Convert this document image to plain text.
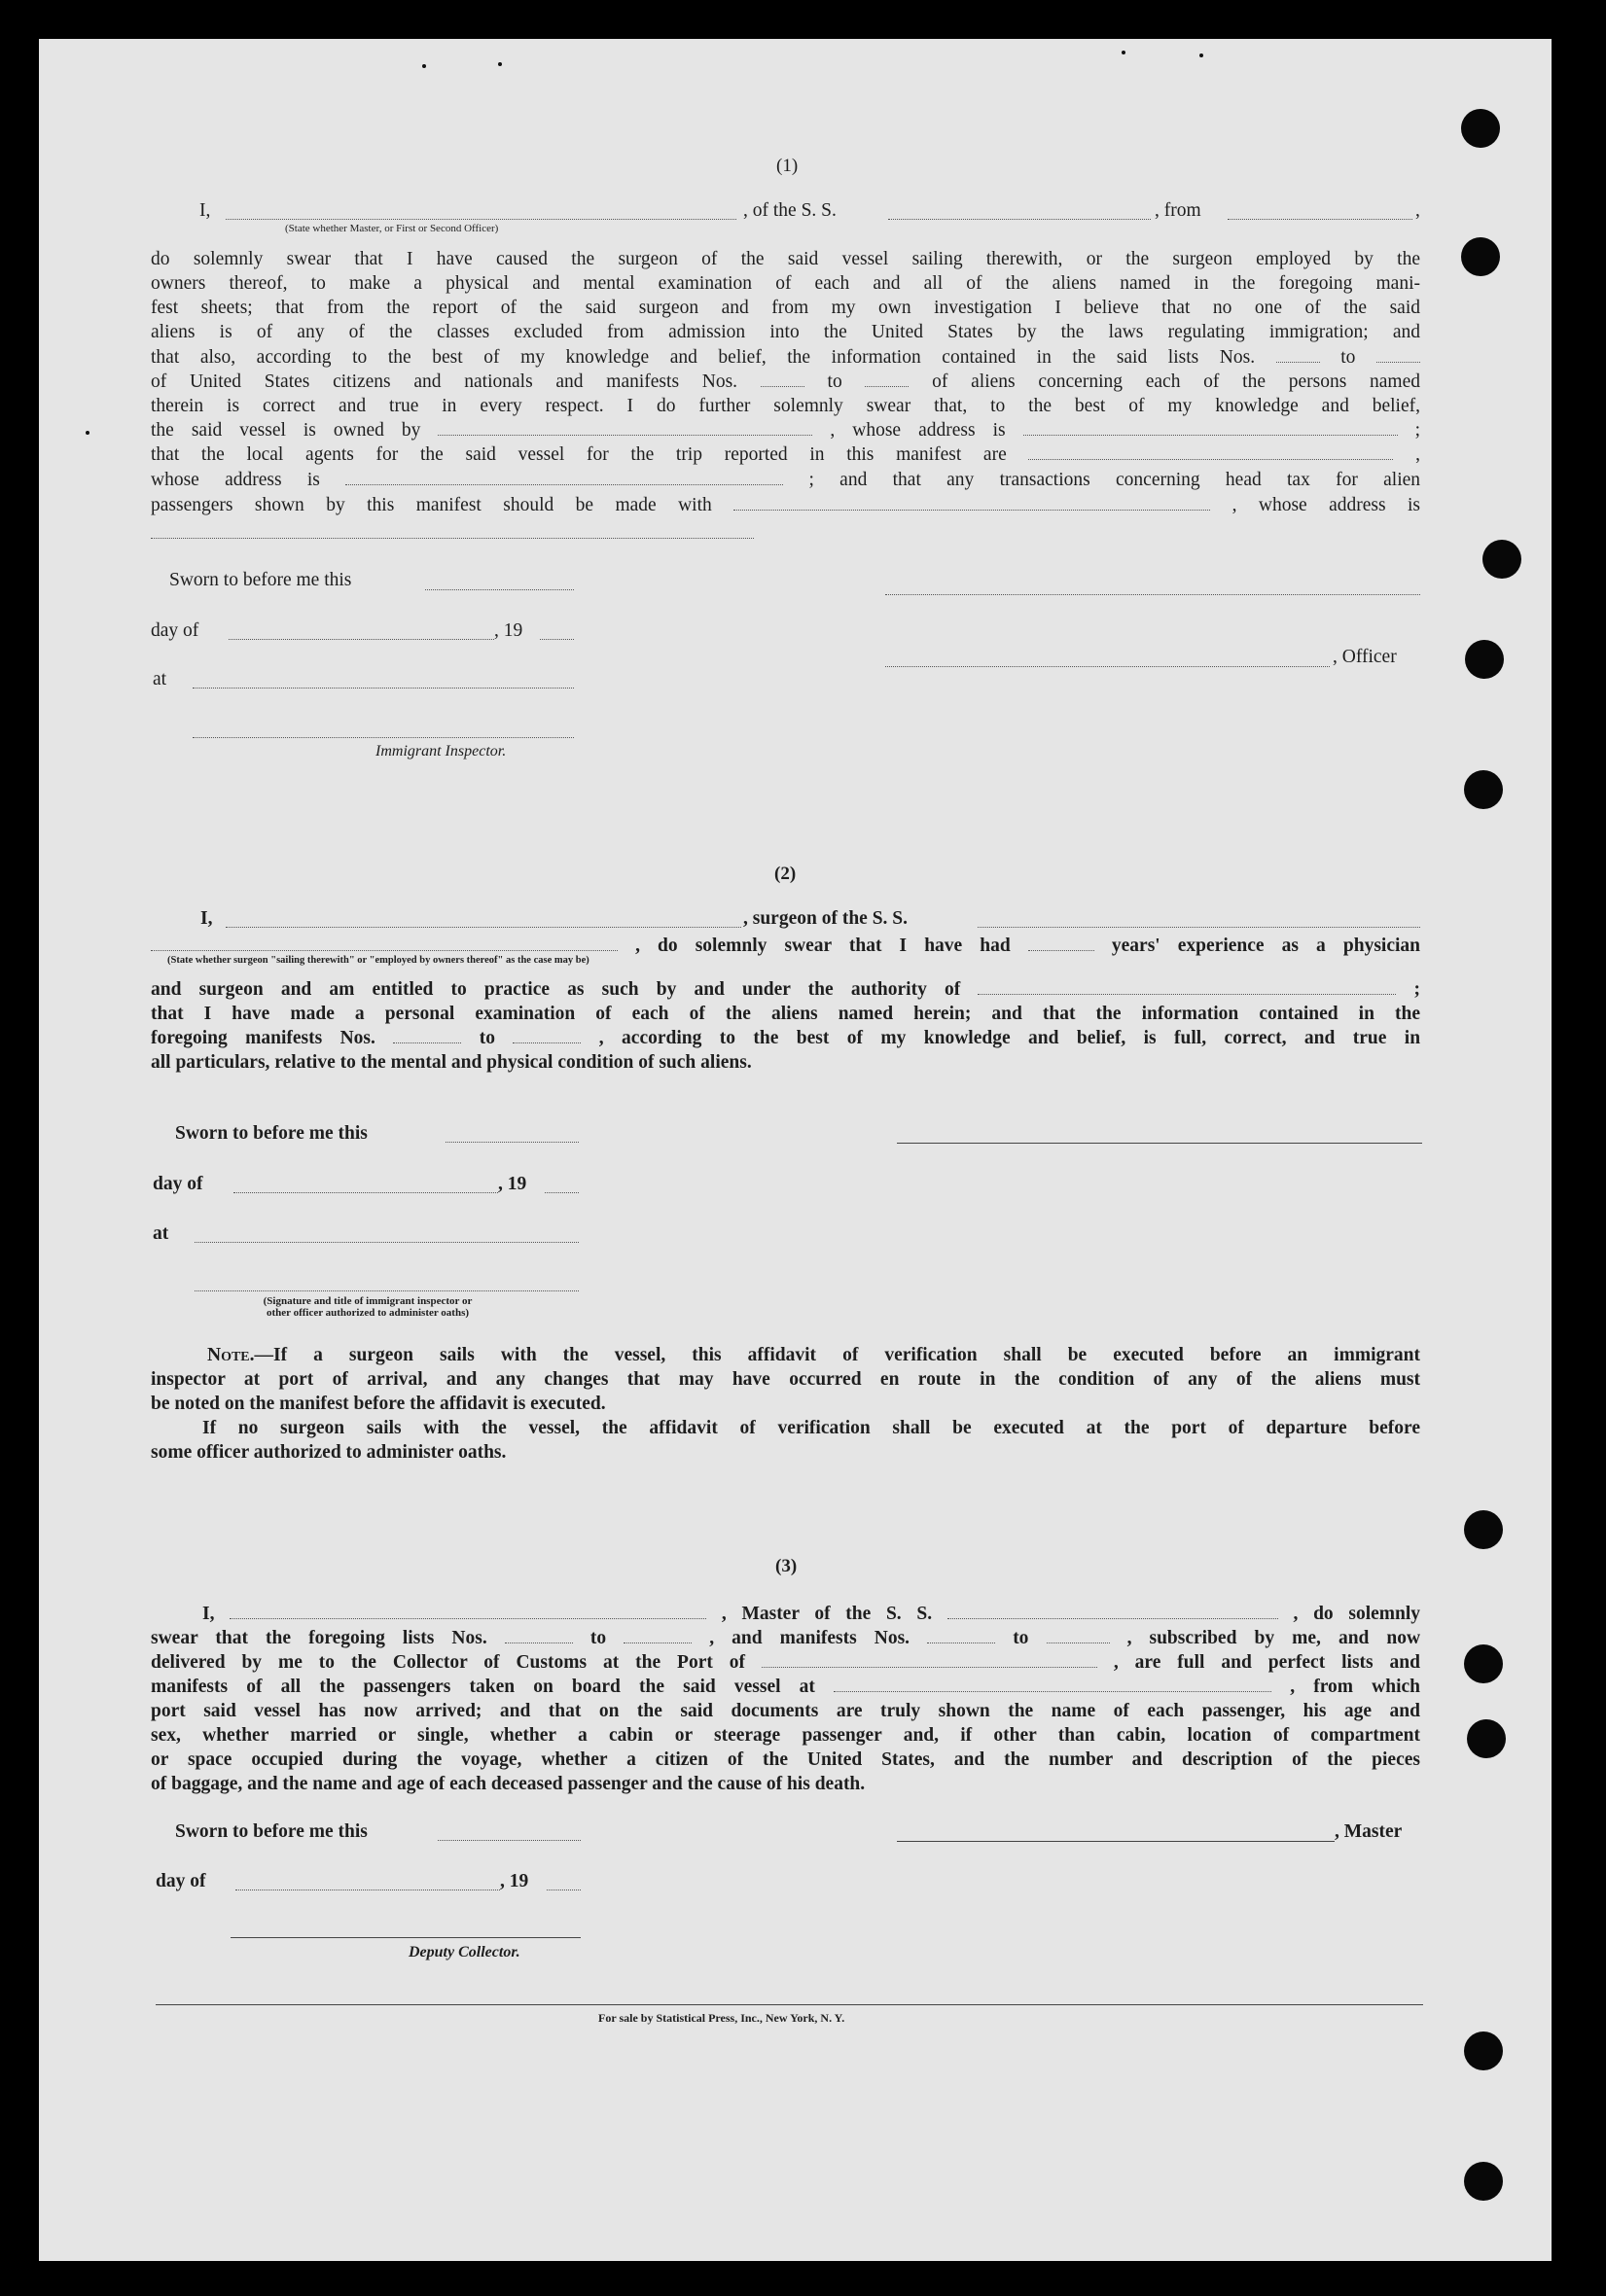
(1)
I,	, of the S. S.	, from	,
(State whether Master, or First or Second Officer)
do solemnly swear that I have caused the surgeon of the said vessel sailing therewith, or the surgeon employed by the
owners thereof, to make a physical and mental examination of each and all of the aliens named in the foregoing mani-
fest sheets; that from the report of the said surgeon and from my own investigation I believe that no one of the said
aliens is of any of the classes excluded from admission into the United States by the laws regulating immigration; and
that also, according to the best of my knowledge and belief, the information contained in the said lists Nos.	to
of United States citizens and nationals and manifests Nos.	to	of aliens concerning each of the persons named
therein is correct and true in every respect. I do further solemnly swear that, to the best of my knowledge and belief,
the said vessel is owned by	, whose address is	;
that the local agents for the said vessel for the trip reported in this manifest are	,
whose address is	; and that any transactions concerning head tax for alien
passengers shown by this manifest should be made with	, whose address is
Sworn to before me this
day of	, 19
, Officer
at
Immigrant Inspector.
(2)
I,	, surgeon of the S. S.
, do solemnly swear that I have had	years' experience as a physician
(State whether surgeon "sailing therewith" or "employed by owners thereof" as the case may be)
and surgeon and am entitled to practice as such by and under the authority of	;
that I have made a personal examination of each of the aliens named herein; and that the information contained in the
foregoing manifests Nos.	to	, according to the best of my knowledge and belief, is full, correct, and true in
all particulars, relative to the mental and physical condition of such aliens.
Sworn to before me this
day of	, 19
at
(Signature and title of immigrant inspector or
other officer authorized to administer oaths)
Note.—If a surgeon sails with the vessel, this affidavit of verification shall be executed before an immigrant
inspector at port of arrival, and any changes that may have occurred en route in the condition of any of the aliens must
be noted on the manifest before the affidavit is executed.
If no surgeon sails with the vessel, the affidavit of verification shall be executed at the port of departure before
some officer authorized to administer oaths.
(3)
I,	, Master of the S. S.	, do solemnly
swear that the foregoing lists Nos.	to	, and manifests Nos.	to	, subscribed by me, and now
delivered by me to the Collector of Customs at the Port of	, are full and perfect lists and
manifests of all the passengers taken on board the said vessel at	, from which
port said vessel has now arrived; and that on the said documents are truly shown the name of each passenger, his age and
sex, whether married or single, whether a cabin or steerage passenger and, if other than cabin, location of compartment
or space occupied during the voyage, whether a citizen of the United States, and the number and description of the pieces
of baggage, and the name and age of each deceased passenger and the cause of his death.
Sworn to before me this	, Master
day of	, 19
Deputy Collector.
For sale by Statistical Press, Inc., New York, N. Y.
